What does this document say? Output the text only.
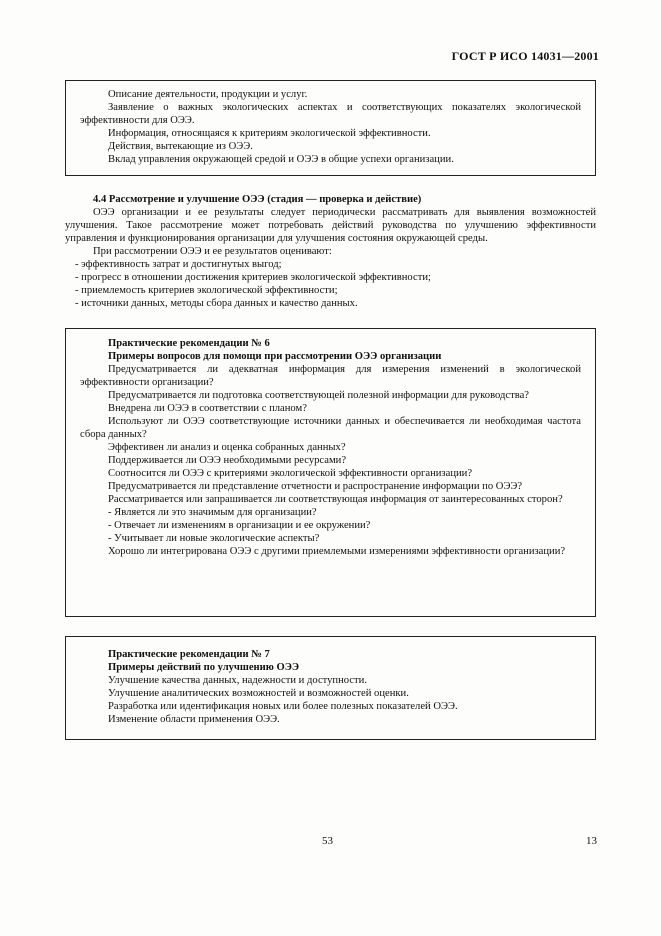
ГОСТ Р ИСО 14031—2001

Описание деятельности, продукции и услуг.

Заявление о важных экологических аспектах и соответствующих показателях экологической эффективности для ОЭЭ.

Информация, относящаяся к критериям экологической эффективности.

Действия, вытекающие из ОЭЭ.

Вклад управления окружающей средой и ОЭЭ в общие успехи организации.

4.4 Рассмотрение и улучшение ОЭЭ (стадия — проверка и действие)

ОЭЭ организации и ее результаты следует периодически рассматривать для выявления возможностей улучшения. Такое рассмотрение может потребовать действий руководства по улучшению эффективности управления и функционирования организации для улучшения состояния окружающей среды.

При рассмотрении ОЭЭ и ее результатов оценивают:

- эффективность затрат и достигнутых выгод;

- прогресс в отношении достижения критериев экологической эффективности;

- приемлемость критериев экологической эффективности;

- источники данных, методы сбора данных и качество данных.

Практические рекомендации № 6

Примеры вопросов для помощи при рассмотрении ОЭЭ организации

Предусматривается ли адекватная информация для измерения изменений в экологической эффективности организации?

Предусматривается ли подготовка соответствующей полезной информации для руководства?

Внедрена ли ОЭЭ в соответствии с планом?

Используют ли ОЭЭ соответствующие источники данных и обеспечивается ли необходимая частота сбора данных?

Эффективен ли анализ и оценка собранных данных?

Поддерживается ли ОЭЭ необходимыми ресурсами?

Соотносится ли ОЭЭ с критериями экологической эффективности организации?

Предусматривается ли представление отчетности и распространение информации по ОЭЭ?

Рассматривается или запрашивается ли соответствующая информация от заинтересованных сторон?

- Является ли это значимым для организации?

- Отвечает ли изменениям в организации и ее окружении?

- Учитывает ли новые экологические аспекты?

Хорошо ли интегрирована ОЭЭ с другими приемлемыми измерениями эффективности организации?

Практические рекомендации № 7

Примеры действий по улучшению ОЭЭ

Улучшение качества данных, надежности и доступности.

Улучшение аналитических возможностей и возможностей оценки.

Разработка или идентификация новых или более полезных показателей ОЭЭ.

Изменение области применения ОЭЭ.

53	13
